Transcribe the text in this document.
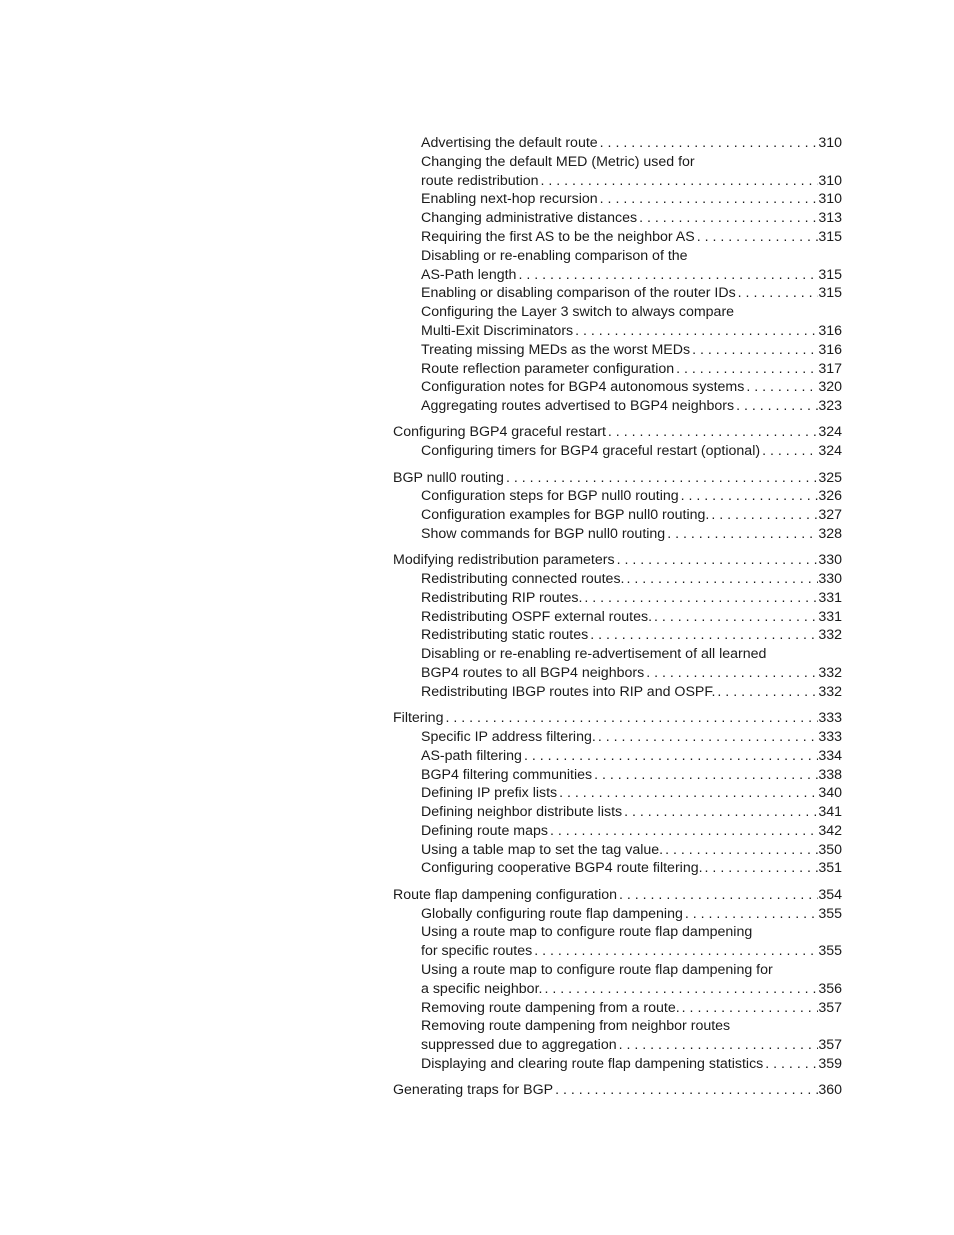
Advertising the default route . . .	310
Changing the default MED (Metric) used for
route redistribution . . .	310
Enabling next-hop recursion . . .	310
Changing administrative distances . . .	313
Requiring the first AS to be the neighbor AS . . .	315
Disabling or re-enabling comparison of the
AS-Path length . . .	315
Enabling or disabling comparison of the router IDs . . .	315
Configuring the Layer 3 switch to always compare
Multi-Exit Discriminators . . .	316
Treating missing MEDs as the worst MEDs . . .	316
Route reflection parameter configuration . . .	317
Configuration notes for BGP4 autonomous systems . . .	320
Aggregating routes advertised to BGP4 neighbors . . .	323
Configuring BGP4 graceful restart . . .	324
Configuring timers for BGP4 graceful restart (optional) . . .	324
BGP null0 routing . . .	325
Configuration steps for BGP null0 routing . . .	326
Configuration examples for BGP null0 routing. . . .	327
Show commands for BGP null0 routing . . .	328
Modifying redistribution parameters . . .	330
Redistributing connected routes. . . .	330
Redistributing RIP routes. . . .	331
Redistributing OSPF external routes. . . .	331
Redistributing static routes . . .	332
Disabling or re-enabling re-advertisement of all learned
BGP4 routes to all BGP4 neighbors . . .	332
Redistributing IBGP routes into RIP and OSPF. . . .	332
Filtering . . .	333
Specific IP address filtering. . . .	333
AS-path filtering . . .	334
BGP4 filtering communities . . .	338
Defining IP prefix lists . . .	340
Defining neighbor distribute lists . . .	341
Defining route maps . . .	342
Using a table map to set the tag value. . . .	350
Configuring cooperative BGP4 route filtering. . . .	351
Route flap dampening configuration . . .	354
Globally configuring route flap dampening . . .	355
Using a route map to configure route flap dampening
for specific routes . . .	355
Using a route map to configure route flap dampening for
a specific neighbor. . . .	356
Removing route dampening from a route. . . .	357
Removing route dampening from neighbor routes
suppressed due to aggregation . . .	357
Displaying and clearing route flap dampening statistics . . .	359
Generating traps for BGP . . .	360
